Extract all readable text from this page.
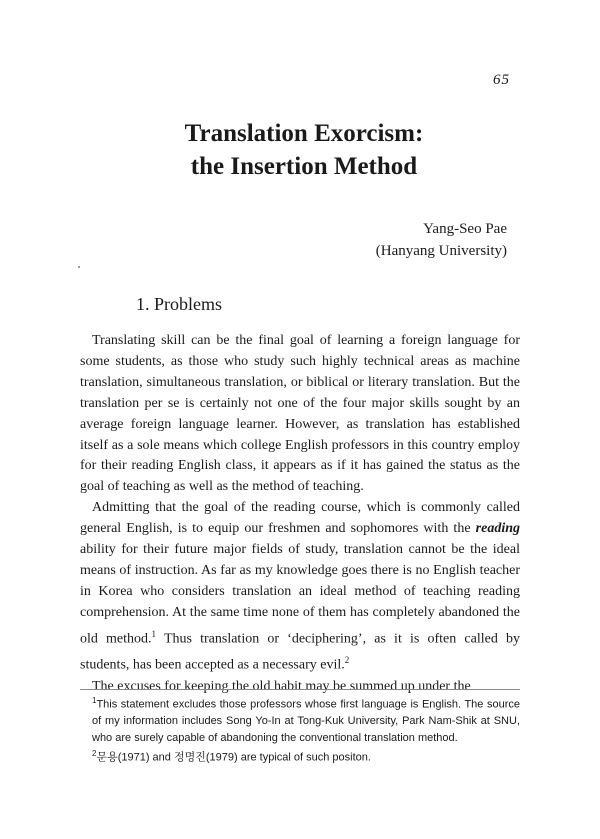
65
Translation Exorcism:
the Insertion Method
Yang-Seo Pae
(Hanyang University)
1. Problems

Translating skill can be the final goal of learning a foreign language for some students, as those who study such highly technical areas as machine translation, simultaneous translation, or biblical or literary translation. But the translation per se is certainly not one of the four major skills sought by an average foreign language learner. However, as translation has established itself as a sole means which college English professors in this country employ for their reading English class, it appears as if it has gained the status as the goal of teaching as well as the method of teaching.

Admitting that the goal of the reading course, which is commonly called general English, is to equip our freshmen and sophomores with the reading ability for their future major fields of study, translation cannot be the ideal means of instruction. As far as my knowledge goes there is no English teacher in Korea who considers translation an ideal method of teaching reading comprehension. At the same time none of them has completely abandoned the old method.$^1$ Thus translation or ‘deciphering’, as it is often called by students, has been accepted as a necessary evil.$^2$

The excuses for keeping the old habit may be summed up under the

$^1$This statement excludes those professors whose first language is English. The source of my information includes Song Yo-In at Tong-Kuk University, Park Nam-Shik at SNU, who are surely capable of abandoning the conventional translation method.

$^2$문용(1971) and 정명진(1979) are typical of such positon.
